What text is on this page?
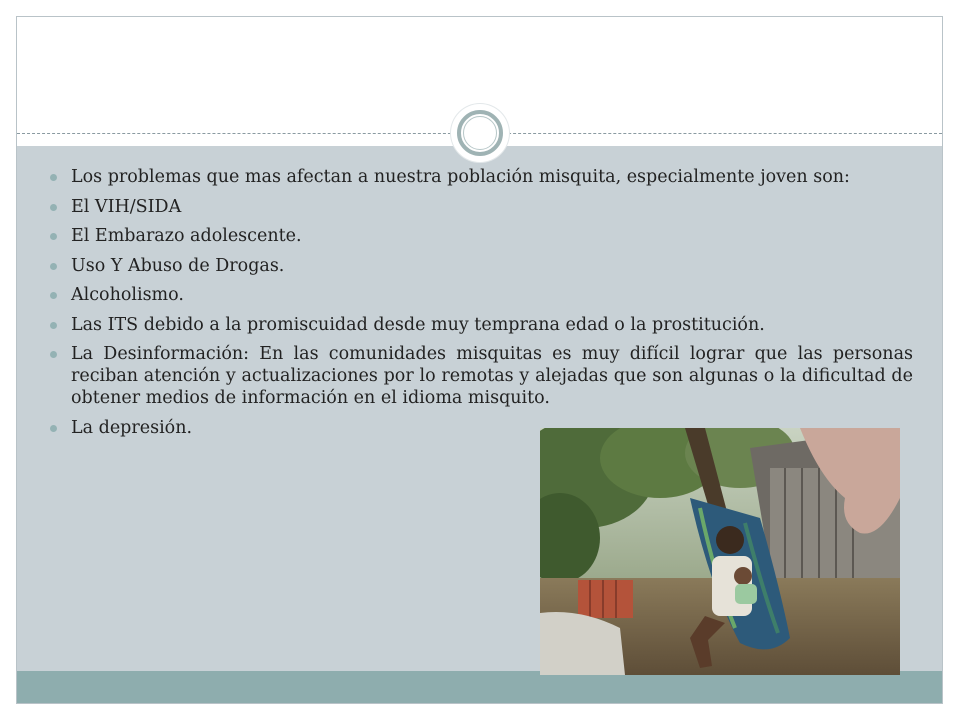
Los problemas que mas afectan a nuestra población misquita, especialmente joven son:
El VIH/SIDA
El Embarazo adolescente.
Uso Y Abuso de Drogas.
Alcoholismo.
Las ITS debido a la promiscuidad desde muy temprana edad o la prostitución.
La Desinformación: En las comunidades misquitas es muy difícil lograr que las personas reciban atención y actualizaciones por lo remotas y alejadas que son algunas o la dificultad de obtener medios de información en el idioma misquito.
La depresión.
